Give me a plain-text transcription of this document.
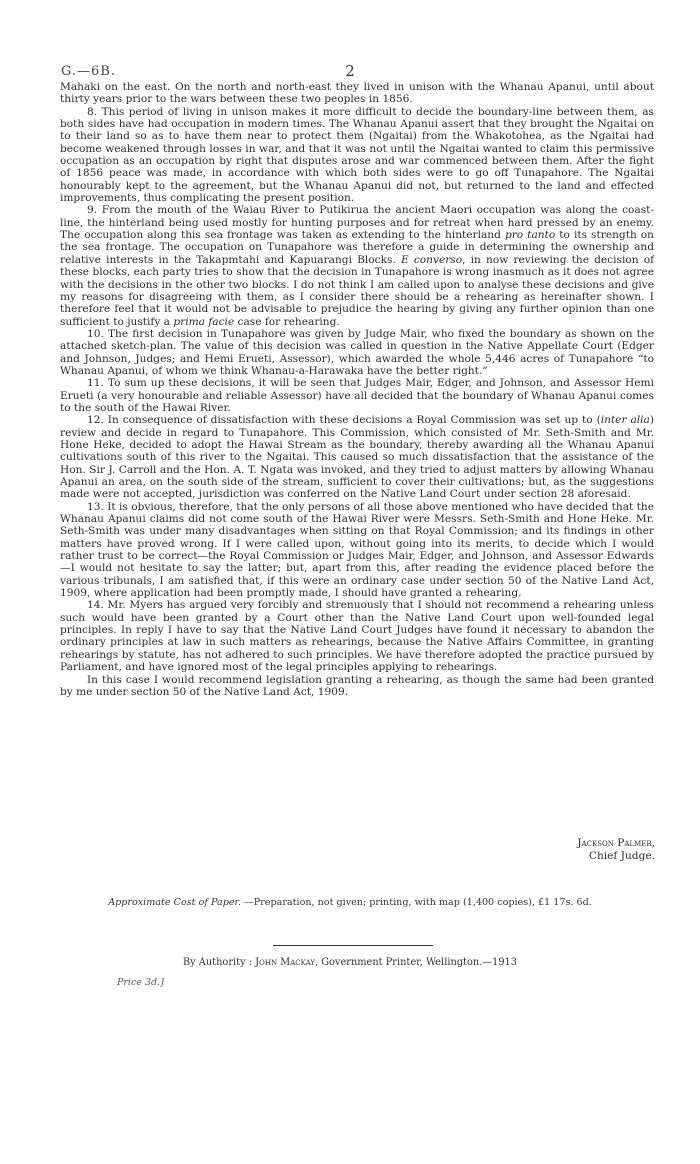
G.—6B.	2

Mahaki on the east. On the north and north-east they lived in unison with the Whanau Apanui, until about thirty years prior to the wars between these two peoples in 1856.

8. This period of living in unison makes it more difficult to decide the boundary-line between them, as both sides have had occupation in modern times. The Whanau Apanui assert that they brought the Ngaitai on to their land so as to have them near to protect them (Ngaitai) from the Whakotohea, as the Ngaitai had become weakened through losses in war, and that it was not until the Ngaitai wanted to claim this permissive occupation as an occupation by right that disputes arose and war commenced between them. After the fight of 1856 peace was made, in accordance with which both sides were to go off Tunapahore. The Ngaitai honourably kept to the agreement, but the Whanau Apanui did not, but returned to the land and effected improvements, thus complicating the present position.

9. From the mouth of the Waiau River to Putikirua the ancient Maori occupation was along the coast-line, the hinterland being used mostly for hunting purposes and for retreat when hard pressed by an enemy. The occupation along this sea frontage was taken as extending to the hinterland pro tanto to its strength on the sea frontage. The occupation on Tunapahore was therefore a guide in determining the ownership and relative interests in the Takapmtahi and Kapuarangi Blocks. E converso, in now reviewing the decision of these blocks, each party tries to show that the decision in Tunapahore is wrong inasmuch as it does not agree with the decisions in the other two blocks. I do not think I am called upon to analyse these decisions and give my reasons for disagreeing with them, as I consider there should be a rehearing as hereinafter shown. I therefore feel that it would not be advisable to prejudice the hearing by giving any further opinion than one sufficient to justify a prima facie case for rehearing.

10. The first decision in Tunapahore was given by Judge Mair, who fixed the boundary as shown on the attached sketch-plan. The value of this decision was called in question in the Native Appellate Court (Edger and Johnson, Judges; and Hemi Erueti, Assessor), which awarded the whole 5,446 acres of Tunapahore “to Whanau Apanui, of whom we think Whanau-a-Harawaka have the better right.”

11. To sum up these decisions, it will be seen that Judges Mair, Edger, and Johnson, and Assessor Hemi Erueti (a very honourable and reliable Assessor) have all decided that the boundary of Whanau Apanui comes to the south of the Hawai River.

12. In consequence of dissatisfaction with these decisions a Royal Commission was set up to (inter alia) review and decide in regard to Tunapahore. This Commission, which consisted of Mr. Seth-Smith and Mr. Hone Heke, decided to adopt the Hawai Stream as the boundary, thereby awarding all the Whanau Apanui cultivations south of this river to the Ngaitai. This caused so much dissatisfaction that the assistance of the Hon. Sir J. Carroll and the Hon. A. T. Ngata was invoked, and they tried to adjust matters by allowing Whanau Apanui an area, on the south side of the stream, sufficient to cover their cultivations; but, as the suggestions made were not accepted, jurisdiction was conferred on the Native Land Court under section 28 aforesaid.

13. It is obvious, therefore, that the only persons of all those above mentioned who have decided that the Whanau Apanui claims did not come south of the Hawai River were Messrs. Seth-Smith and Hone Heke. Mr. Seth-Smith was under many disadvantages when sitting on that Royal Commission; and its findings in other matters have proved wrong. If I were called upon, without going into its merits, to decide which I would rather trust to be correct—the Royal Commission or Judges Mair, Edger, and Johnson, and Assessor Edwards—I would not hesitate to say the latter; but, apart from this, after reading the evidence placed before the various tribunals, I am satisfied that, if this were an ordinary case under section 50 of the Native Land Act, 1909, where application had been promptly made, I should have granted a rehearing.

14. Mr. Myers has argued very forcibly and strenuously that I should not recommend a rehearing unless such would have been granted by a Court other than the Native Land Court upon well-founded legal principles. In reply I have to say that the Native Land Court Judges have found it necessary to abandon the ordinary principles at law in such matters as rehearings, because the Native Affairs Committee, in granting rehearings by statute, has not adhered to such principles. We have therefore adopted the practice pursued by Parliament, and have ignored most of the legal principles applying to rehearings.

In this case I would recommend legislation granting a rehearing, as though the same had been granted by me under section 50 of the Native Land Act, 1909.

Jackson Palmer,
Chief Judge.
Approximate Cost of Paper. —Preparation, not given; printing, with map (1,400 copies), £1 17s. 6d.
By Authority : John Mackay, Government Printer, Wellington.—1913
Price 3d.]
